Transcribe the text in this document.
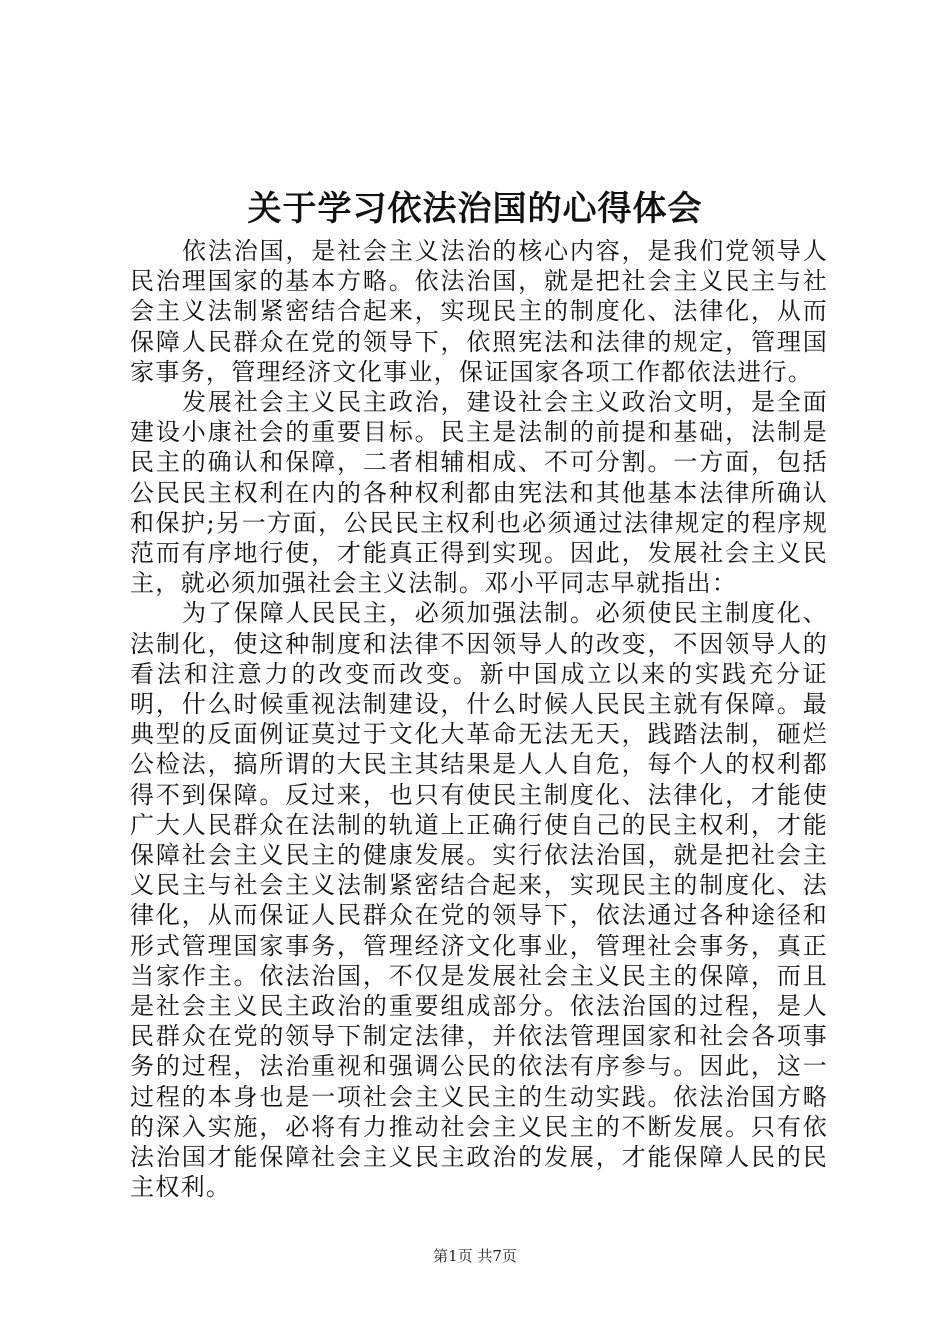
关于学习依法治国的心得体会

依法治国，是社会主义法治的核心内容，是我们党领导人民治理国家的基本方略。依法治国，就是把社会主义民主与社会主义法制紧密结合起来，实现民主的制度化、法律化，从而保障人民群众在党的领导下，依照宪法和法律的规定，管理国家事务，管理经济文化事业，保证国家各项工作都依法进行。

发展社会主义民主政治，建设社会主义政治文明，是全面建设小康社会的重要目标。民主是法制的前提和基础，法制是民主的确认和保障，二者相辅相成、不可分割。一方面，包括公民民主权利在内的各种权利都由宪法和其他基本法律所确认和保护;另一方面，公民民主权利也必须通过法律规定的程序规范而有序地行使，才能真正得到实现。因此，发展社会主义民主，就必须加强社会主义法制。邓小平同志早就指出：

为了保障人民民主，必须加强法制。必须使民主制度化、法制化，使这种制度和法律不因领导人的改变，不因领导人的看法和注意力的改变而改变。新中国成立以来的实践充分证明，什么时候重视法制建设，什么时候人民民主就有保障。最典型的反面例证莫过于文化大革命无法无天，践踏法制，砸烂公检法，搞所谓的大民主其结果是人人自危，每个人的权利都得不到保障。反过来，也只有使民主制度化、法律化，才能使广大人民群众在法制的轨道上正确行使自己的民主权利，才能保障社会主义民主的健康发展。实行依法治国，就是把社会主义民主与社会主义法制紧密结合起来，实现民主的制度化、法律化，从而保证人民群众在党的领导下，依法通过各种途径和形式管理国家事务，管理经济文化事业，管理社会事务，真正当家作主。依法治国，不仅是发展社会主义民主的保障，而且是社会主义民主政治的重要组成部分。依法治国的过程，是人民群众在党的领导下制定法律，并依法管理国家和社会各项事务的过程，法治重视和强调公民的依法有序参与。因此，这一过程的本身也是一项社会主义民主的生动实践。依法治国方略的深入实施，必将有力推动社会主义民主的不断发展。只有依法治国才能保障社会主义民主政治的发展，才能保障人民的民主权利。

第1页 共7页
